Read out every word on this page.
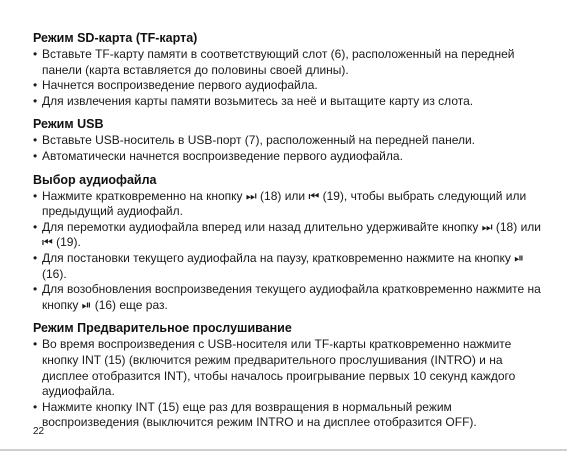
Режим SD-карта (TF-карта)
• Вставьте TF-карту памяти в соответствующий слот (6), расположенный на передней панели (карта вставляется до половины своей длины).
• Начнется воспроизведение первого аудиофайла.
• Для извлечения карты памяти возьмитесь за неё и вытащите карту из слота.
Режим USB
• Вставьте USB-носитель в USB-порт (7), расположенный на передней панели.
• Автоматически начнется воспроизведение первого аудиофайла.
Выбор аудиофайла
• Нажмите кратковременно на кнопку ⏭ (18) или ⏮ (19), чтобы выбрать следующий или предыдущий аудиофайл.
• Для перемотки аудиофайла вперед или назад длительно удерживайте кнопку ⏭ (18) или ⏮ (19).
• Для постановки текущего аудиофайла на паузу, кратковременно нажмите на кнопку ⏯ (16).
• Для возобновления воспроизведения текущего аудиофайла кратковременно нажмите на кнопку ⏯ (16) еще раз.
Режим Предварительное прослушивание
• Во время воспроизведения с USB-носителя или TF-карты кратковременно нажмите кнопку INT (15) (включится режим предварительного прослушивания (INTRO) и на дисплее отобразится INT), чтобы началось проигрывание первых 10 секунд каждого аудиофайла.
• Нажмите кнопку INT (15) еще раз для возвращения в нормальный режим воспроизведения (выключится режим INTRO и на дисплее отобразится OFF).
22
